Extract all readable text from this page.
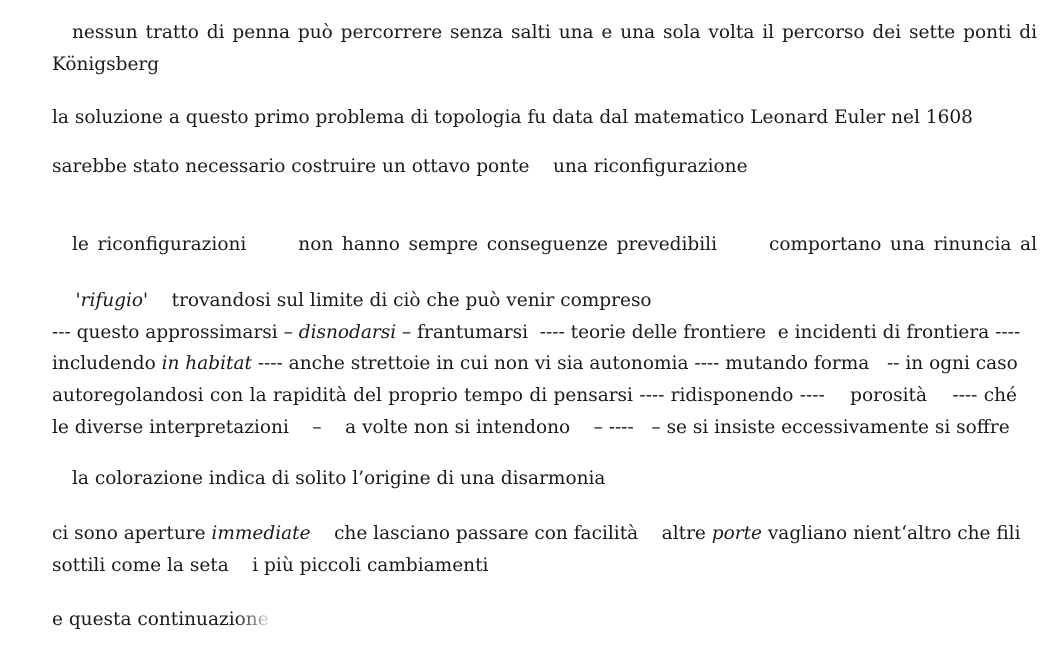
nessun tratto di penna può percorrere senza salti una e una sola volta il percorso dei sette ponti di
Königsberg
la soluzione a questo primo problema di topologia fu data dal matematico Leonard Euler nel 1608
sarebbe stato necessario costruire un ottavo ponte    una riconfigurazione
le riconfigurazioni      non hanno sempre conseguenze prevedibili      comportano una rinuncia al

'rifugio'    trovandosi sul limite di ciò che può venir compreso

--- questo approssimarsi – disnodarsi – frantumarsi  ---- teorie delle frontiere  e incidenti di frontiera ----
includendo in habitat ---- anche strettoie in cui non vi sia autonomia ---- mutando forma   -- in ogni caso
autoregolandosi con la rapidità del proprio tempo di pensarsi ---- ridisponendo ----    porosità    ---- ché
le diverse interpretazioni    –    a volte non si intendono    – ----   – se si insiste eccessivamente si soffre
la colorazione indica di solito l’origine di una disarmonia
ci sono aperture immediate    che lasciano passare con facilità    altre porte vagliano nient‘altro che fili
sottili come la seta    i più piccoli cambiamenti
e questa continuazione
